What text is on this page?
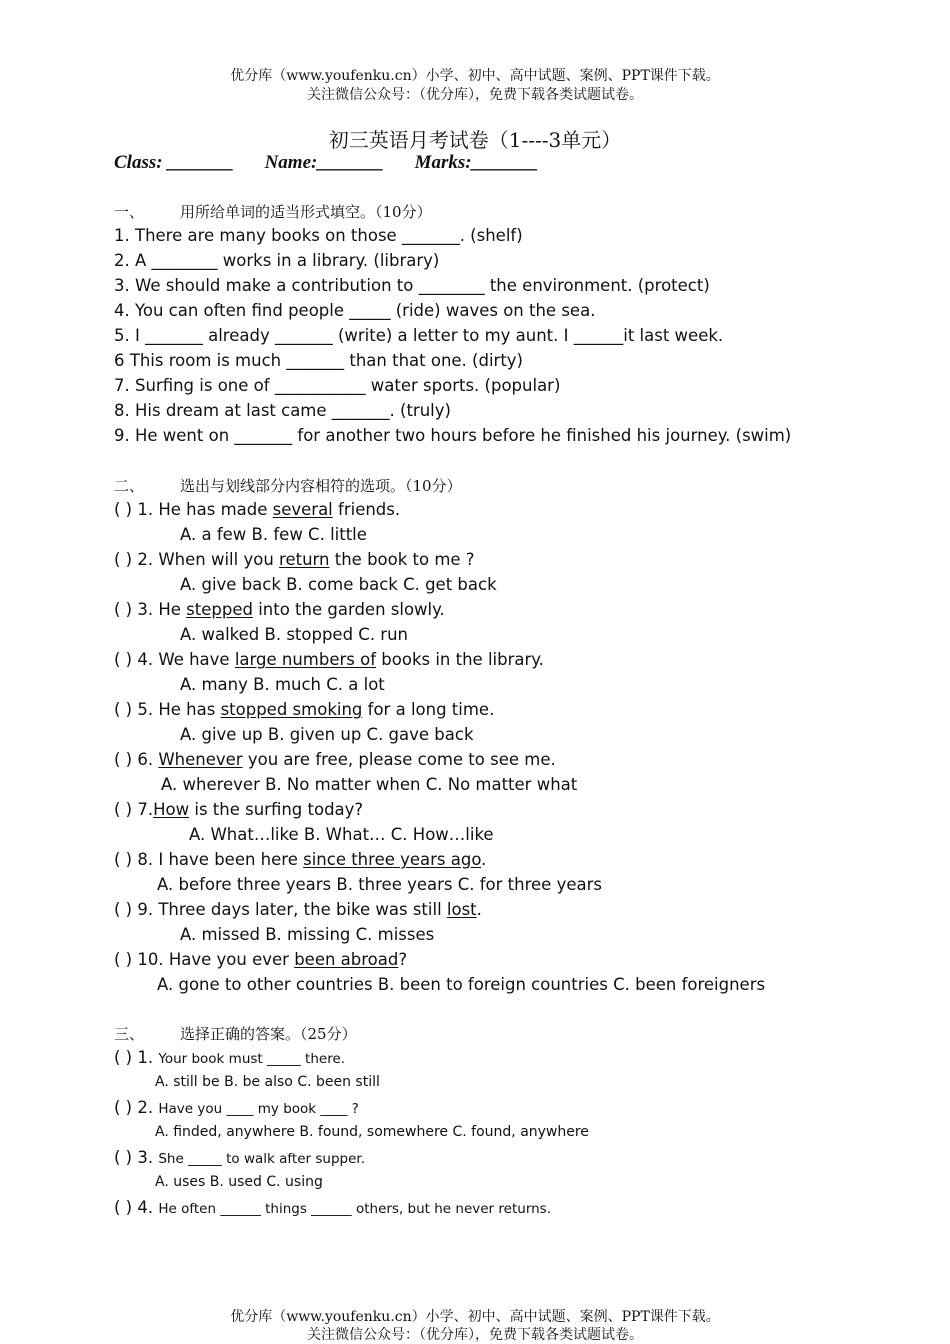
优分库（www.youfenku.cn）小学、初中、高中试题、案例、PPT课件下载。
关注微信公众号：（优分库），免费下载各类试题试卷。
初三英语月考试卷（1----3单元）
Class: _______ Name:_______ Marks:_______
一、 用所给单词的适当形式填空。（10分）
1. There are many books on those _______. (shelf)
2. A ________ works in a library. (library)
3. We should make a contribution to ________ the environment. (protect)
4. You can often find people _____ (ride) waves on the sea.
5. I _______ already _______ (write) a letter to my aunt. I ______it last week.
6 This room is much _______ than that one. (dirty)
7. Surfing is one of ___________ water sports. (popular)
8. His dream at last came _______. (truly)
9. He went on _______ for another two hours before he finished his journey. (swim)
二、 选出与划线部分内容相符的选项。（10分）
( ) 1. He has made several friends.
A. a few B. few C. little
( ) 2. When will you return the book to me ?
A. give back B. come back C. get back
( ) 3. He stepped into the garden slowly.
A. walked B. stopped C. run
( ) 4. We have large numbers of books in the library.
A. many B. much C. a lot
( ) 5. He has stopped smoking for a long time.
A. give up B. given up C. gave back
( ) 6. Whenever you are free, please come to see me.
A. wherever B. No matter when C. No matter what
( ) 7.How is the surfing today?
A. What…like B. What… C. How…like
( ) 8. I have been here since three years ago.
A. before three years B. three years C. for three years
( ) 9. Three days later, the bike was still lost.
A. missed B. missing C. misses
( ) 10. Have you ever been abroad?
A. gone to other countries B. been to foreign countries C. been foreigners
三、 选择正确的答案。（25分）
( ) 1. Your book must _____ there.
A. still be B. be also C. been still
( ) 2. Have you ____ my book ____ ?
A. finded, anywhere B. found, somewhere C. found, anywhere
( ) 3. She _____ to walk after supper.
A. uses B. used C. using
( ) 4. He often ______ things ______ others, but he never returns.
优分库（www.youfenku.cn）小学、初中、高中试题、案例、PPT课件下载。
关注微信公众号：（优分库），免费下载各类试题试卷。
